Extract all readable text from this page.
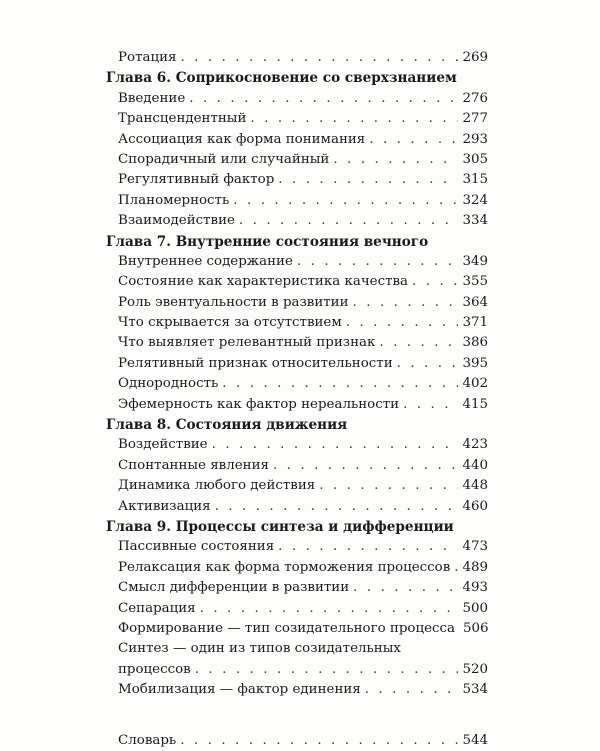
Ротация . . .	269
Глава 6. Соприкосновение со сверхзнанием
Введение . . .	276
Трансцендентный . . .	277
Ассоциация как форма понимания . . .	293
Спорадичный или случайный . . .	305
Регулятивный фактор . . .	315
Планомерность . . .	324
Взаимодействие . . .	334
Глава 7. Внутренние состояния вечного
Внутреннее содержание . . .	349
Состояние как характеристика качества . . .	355
Роль эвентуальности в развитии . . .	364
Что скрывается за отсутствием . . .	371
Что выявляет релевантный признак . . .	386
Релятивный признак относительности . . .	395
Однородность . . .	402
Эфемерность как фактор нереальности . . .	415
Глава 8. Состояния движения
Воздействие . . .	423
Спонтанные явления . . .	440
Динамика любого действия . . .	448
Активизация . . .	460
Глава 9. Процессы синтеза и дифференции
Пассивные состояния . . .	473
Релаксация как форма торможения процессов . . . 489
Смысл дифференции в развитии . . .	493
Сепарация . . .	500
Формирование — тип созидательного процесса 506
Синтез — один из типов созидательных
процессов . . .	520
Мобилизация — фактор единения . . .	534
Словарь . . .	544
